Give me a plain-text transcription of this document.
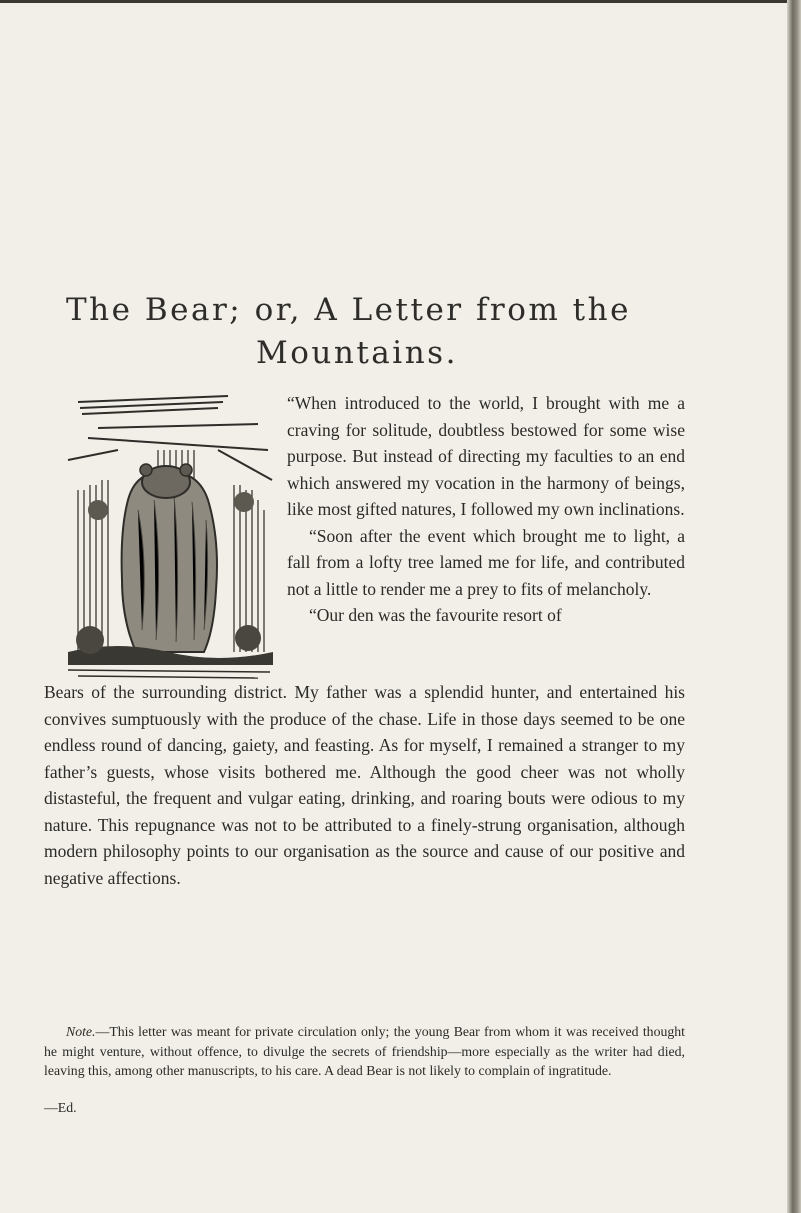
The Bear; or, A Letter from the
Mountains.

“When introduced to the world, I brought with me a craving for solitude, doubtless bestowed for some wise purpose. But instead of directing my faculties to an end which answered my vocation in the harmony of beings, like most gifted natures, I followed my own inclinations.

“Soon after the event which brought me to light, a fall from a lofty tree lamed me for life, and contributed not a little to render me a prey to fits of melancholy.

“Our den was the favourite resort of

Bears of the surrounding district. My father was a splendid hunter, and entertained his convives sumptuously with the produce of the chase. Life in those days seemed to be one endless round of dancing, gaiety, and feasting. As for myself, I remained a stranger to my father’s guests, whose visits bothered me. Although the good cheer was not wholly distasteful, the frequent and vulgar eating, drinking, and roaring bouts were odious to my nature. This repugnance was not to be attributed to a finely-strung organisation, although modern philosophy points to our organisation as the source and cause of our positive and negative affections.

Note.—This letter was meant for private circulation only; the young Bear from whom it was received thought he might venture, without offence, to divulge the secrets of friendship—more especially as the writer had died, leaving this, among other manuscripts, to his care. A dead Bear is not likely to complain of ingratitude.
—Ed.
